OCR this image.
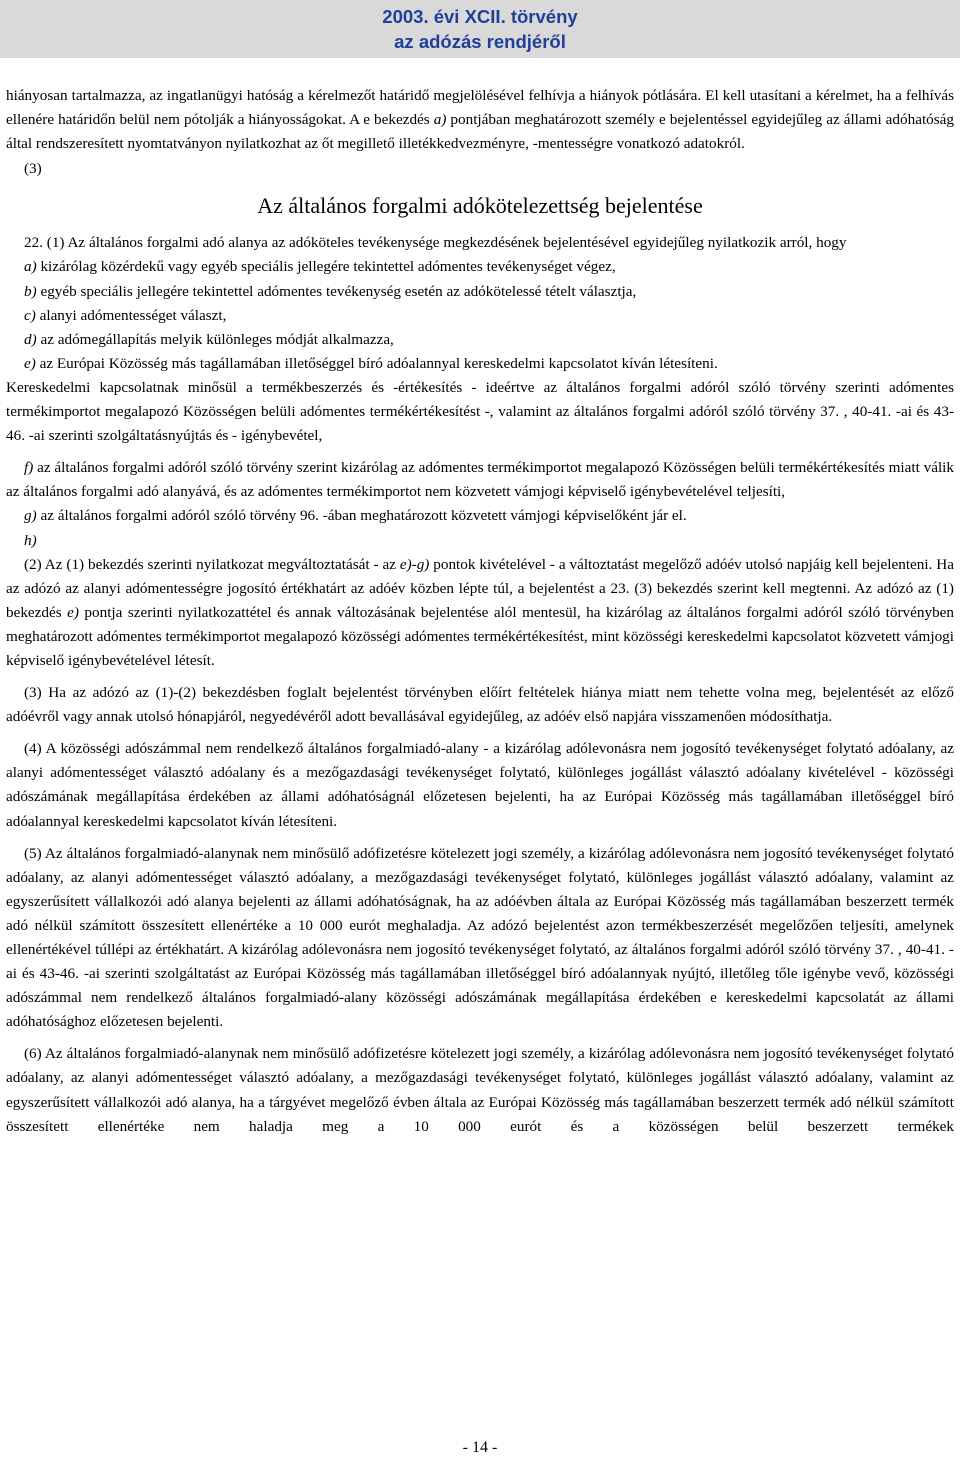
2003. évi XCII. törvény
az adózás rendjéről

hiányosan tartalmazza, az ingatlanügyi hatóság a kérelmezőt határidő megjelölésével felhívja a hiányok pótlására. El kell utasítani a kérelmet, ha a felhívás ellenére határidőn belül nem pótolják a hiányosságokat. A e bekezdés a) pontjában meghatározott személy e bejelentéssel egyidejűleg az állami adóhatóság által rendszeresített nyomtatványon nyilatkozhat az őt megillető illetékkedvezményre, -mentességre vonatkozó adatokról.

(3)

Az általános forgalmi adókötelezettség bejelentése

22. (1) Az általános forgalmi adó alanya az adóköteles tevékenysége megkezdésének bejelentésével egyidejűleg nyilatkozik arról, hogy

a) kizárólag közérdekű vagy egyéb speciális jellegére tekintettel adómentes tevékenységet végez,

b) egyéb speciális jellegére tekintettel adómentes tevékenység esetén az adókötelessé tételt választja,

c) alanyi adómentességet választ,

d) az adómegállapítás melyik különleges módját alkalmazza,

e) az Európai Közösség más tagállamában illetőséggel bíró adóalannyal kereskedelmi kapcsolatot kíván létesíteni.

Kereskedelmi kapcsolatnak minősül a termékbeszerzés és -értékesítés - ideértve az általános forgalmi adóról szóló törvény szerinti adómentes termékimportot megalapozó Közösségen belüli adómentes termékértékesítést -, valamint az általános forgalmi adóról szóló törvény 37. , 40-41. -ai és 43-46. -ai szerinti szolgáltatásnyújtás és - igénybevétel,

f) az általános forgalmi adóról szóló törvény szerint kizárólag az adómentes termékimportot megalapozó Közösségen belüli termékértékesítés miatt válik az általános forgalmi adó alanyává, és az adómentes termékimportot nem közvetett vámjogi képviselő igénybevételével teljesíti,

g) az általános forgalmi adóról szóló törvény 96. -ában meghatározott közvetett vámjogi képviselőként jár el.

h)

(2) Az (1) bekezdés szerinti nyilatkozat megváltoztatását - az e)-g) pontok kivételével - a változtatást megelőző adóév utolsó napjáig kell bejelenteni. Ha az adózó az alanyi adómentességre jogosító értékhatárt az adóév közben lépte túl, a bejelentést a 23. (3) bekezdés szerint kell megtenni. Az adózó az (1) bekezdés e) pontja szerinti nyilatkozattétel és annak változásának bejelentése alól mentesül, ha kizárólag az általános forgalmi adóról szóló törvényben meghatározott adómentes termékimportot megalapozó közösségi adómentes termékértékesítést, mint közösségi kereskedelmi kapcsolatot közvetett vámjogi képviselő igénybevételével létesít.

(3) Ha az adózó az (1)-(2) bekezdésben foglalt bejelentést törvényben előírt feltételek hiánya miatt nem tehette volna meg, bejelentését az előző adóévről vagy annak utolsó hónapjáról, negyedévéről adott bevallásával egyidejűleg, az adóév első napjára visszamenően módosíthatja.

(4) A közösségi adószámmal nem rendelkező általános forgalmiadó-alany - a kizárólag adólevonásra nem jogosító tevékenységet folytató adóalany, az alanyi adómentességet választó adóalany és a mezőgazdasági tevékenységet folytató, különleges jogállást választó adóalany kivételével - közösségi adószámának megállapítása érdekében az állami adóhatóságnál előzetesen bejelenti, ha az Európai Közösség más tagállamában illetőséggel bíró adóalannyal kereskedelmi kapcsolatot kíván létesíteni.

(5) Az általános forgalmiadó-alanynak nem minősülő adófizetésre kötelezett jogi személy, a kizárólag adólevonásra nem jogosító tevékenységet folytató adóalany, az alanyi adómentességet választó adóalany, a mezőgazdasági tevékenységet folytató, különleges jogállást választó adóalany, valamint az egyszerűsített vállalkozói adó alanya bejelenti az állami adóhatóságnak, ha az adóévben általa az Európai Közösség más tagállamában beszerzett termék adó nélkül számított összesített ellenértéke a 10 000 eurót meghaladja. Az adózó bejelentést azon termékbeszerzését megelőzően teljesíti, amelynek ellenértékével túllépi az értékhatárt. A kizárólag adólevonásra nem jogosító tevékenységet folytató, az általános forgalmi adóról szóló törvény 37. , 40-41. -ai és 43-46. -ai szerinti szolgáltatást az Európai Közösség más tagállamában illetőséggel bíró adóalannyak nyújtó, illetőleg tőle igénybe vevő, közösségi adószámmal nem rendelkező általános forgalmiadó-alany közösségi adószámának megállapítása érdekében e kereskedelmi kapcsolatát az állami adóhatósághoz előzetesen bejelenti.

(6) Az általános forgalmiadó-alanynak nem minősülő adófizetésre kötelezett jogi személy, a kizárólag adólevonásra nem jogosító tevékenységet folytató adóalany, az alanyi adómentességet választó adóalany, a mezőgazdasági tevékenységet folytató, különleges jogállást választó adóalany, valamint az egyszerűsített vállalkozói adó alanya, ha a tárgyévet megelőző évben általa az Európai Közösség más tagállamában beszerzett termék adó nélkül számított összesített ellenértéke nem haladja meg a 10 000 eurót és a közösségen belül beszerzett termékek

- 14 -
